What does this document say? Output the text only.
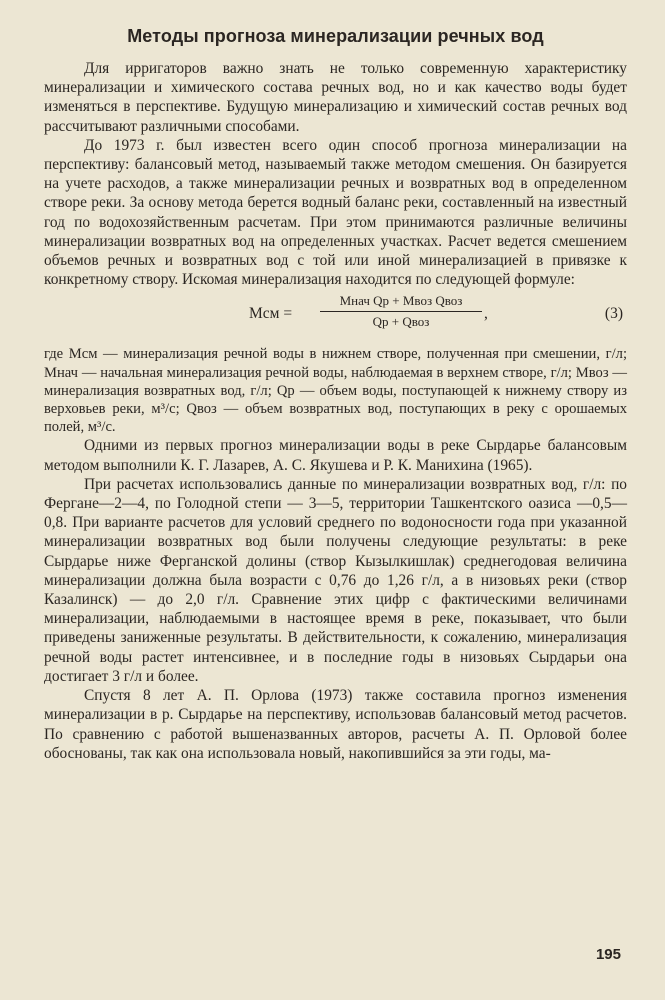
Методы прогноза минерализации речных вод

Для ирригаторов важно знать не только современную характеристику минерализации и химического состава речных вод, но и как качество воды будет изменяться в перспективе. Будущую минерализацию и химический состав речных вод рассчитывают различными способами.

До 1973 г. был известен всего один способ прогноза минерализации на перспективу: балансовый метод, называемый также методом смешения. Он базируется на учете расходов, а также минерализации речных и возвратных вод в определенном створе реки. За основу метода берется водный баланс реки, составленный на известный год по водохозяйственным расчетам. При этом принимаются различные величины минерализации возвратных вод на определенных участках. Расчет ведется смешением объемов речных и возвратных вод с той или иной минерализацией в привязке к конкретному створу. Искомая минерализация находится по следующей формуле:

Mсм =
Mнач Qр + Mвоз Qвоз
Qр + Qвоз	,	(3)

где Mсм — минерализация речной воды в нижнем створе, полученная при смешении, г/л; Mнач — начальная минерализация речной воды, наблюдаемая в верхнем створе, г/л; Mвоз — минерализация возвратных вод, г/л; Qр — объем воды, поступающей к нижнему створу из верховьев реки, м³/с; Qвоз — объем возвратных вод, поступающих в реку с орошаемых полей, м³/с.

Одними из первых прогноз минерализации воды в реке Сырдарье балансовым методом выполнили К. Г. Лазарев, А. С. Якушева и Р. К. Манихина (1965).

При расчетах использовались данные по минерализации возвратных вод, г/л: по Фергане—2—4, по Голодной степи — 3—5, территории Ташкентского оазиса —0,5—0,8. При варианте расчетов для условий среднего по водоносности года при указанной минерализации возвратных вод были получены следующие результаты: в реке Сырдарье ниже Ферганской долины (створ Кызылкишлак) среднегодовая величина минерализации должна была возрасти с 0,76 до 1,26 г/л, а в низовьях реки (створ Казалинск) — до 2,0 г/л. Сравнение этих цифр с фактическими величинами минерализации, наблюдаемыми в настоящее время в реке, показывает, что были приведены заниженные результаты. В действительности, к сожалению, минерализация речной воды растет интенсивнее, и в последние годы в низовьях Сырдарьи она достигает 3 г/л и более.

Спустя 8 лет А. П. Орлова (1973) также составила прогноз изменения минерализации в р. Сырдарье на перспективу, использовав балансовый метод расчетов. По сравнению с работой вышеназванных авторов, расчеты А. П. Орловой более обоснованы, так как она использовала новый, накопившийся за эти годы, ма-

195
